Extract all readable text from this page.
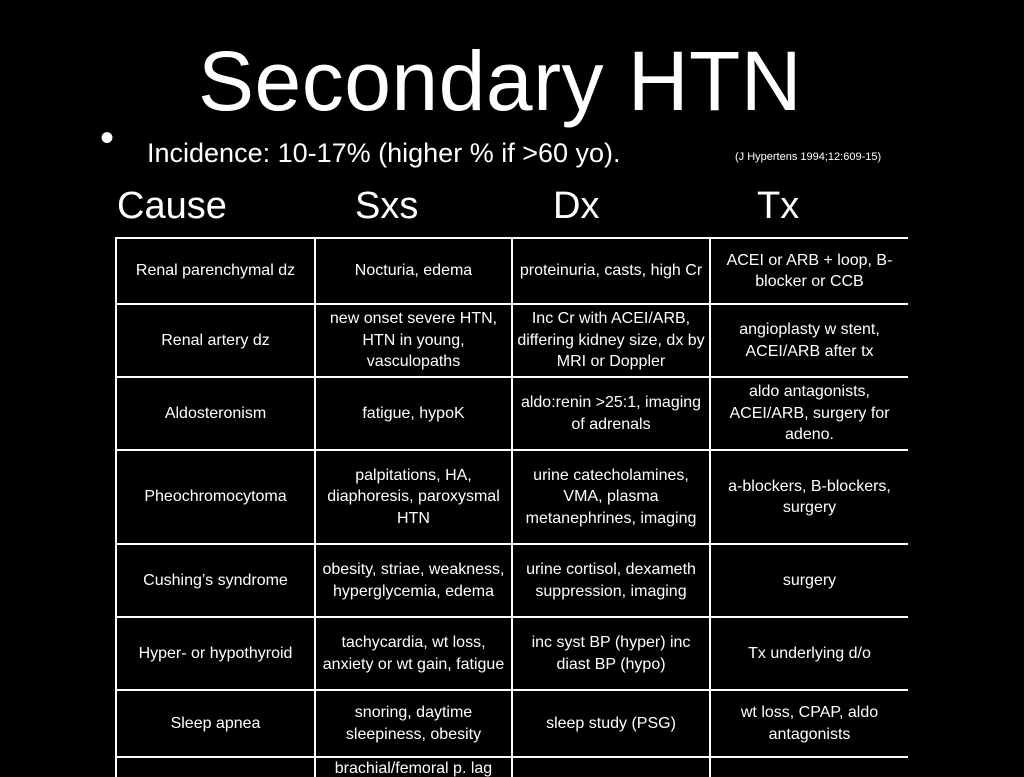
Secondary HTN
• Incidence: 10-17% (higher % if >60 yo).	(J Hypertens 1994;12:609-15)
Cause	Sxs	Dx	Tx
Renal parenchymal dz	Nocturia, edema	proteinuria, casts, high Cr	ACEI or ARB + loop, B-blocker or CCB
Renal artery dz	new onset severe HTN, HTN in young, vasculopaths	Inc Cr with ACEI/ARB, differing kidney size, dx by MRI or Doppler	angioplasty w stent, ACEI/ARB after tx
Aldosteronism	fatigue, hypoK	aldo:renin >25:1, imaging of adrenals	aldo antagonists, ACEI/ARB, surgery for adeno.
Pheochromocytoma	palpitations, HA, diaphoresis, paroxysmal HTN	urine catecholamines, VMA, plasma metanephrines, imaging	a-blockers, B-blockers, surgery
Cushing’s syndrome	obesity, striae, weakness, hyperglycemia, edema	urine cortisol, dexameth suppression, imaging	surgery
Hyper- or hypothyroid	tachycardia, wt loss, anxiety or wt gain, fatigue	inc syst BP (hyper) inc diast BP (hypo)	Tx underlying d/o
Sleep apnea	snoring, daytime sleepiness, obesity	sleep study (PSG)	wt loss, CPAP, aldo antagonists
	brachial/femoral p. lag		
